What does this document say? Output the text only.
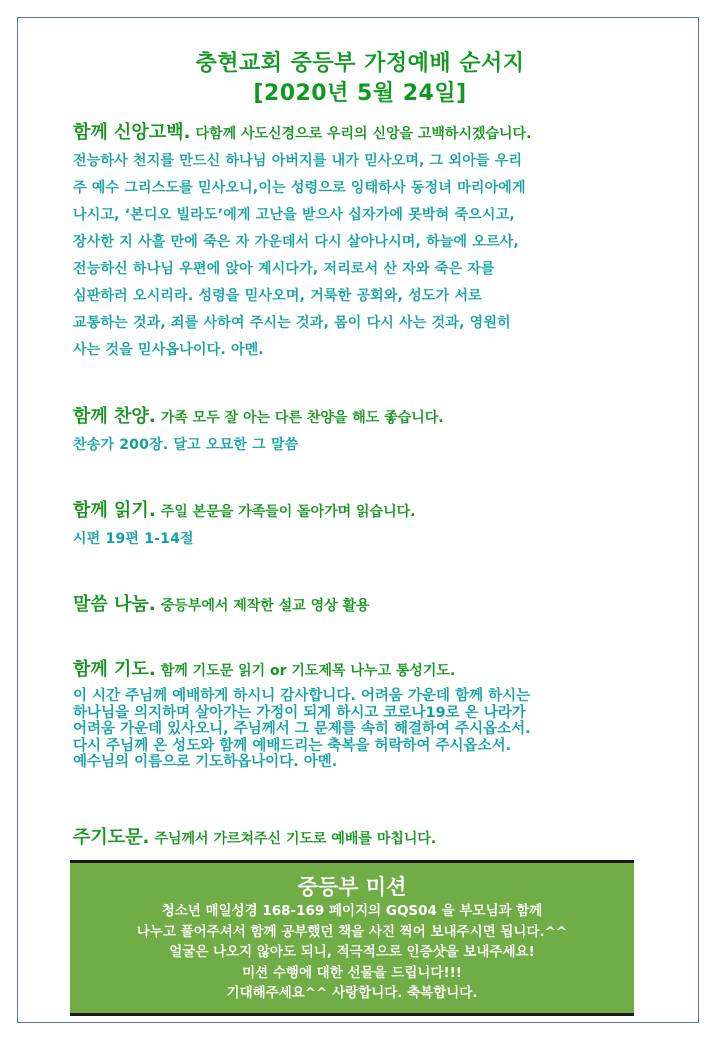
충현교회 중등부 가정예배 순서지
[2020년 5월 24일]
함께 신앙고백. 다함께 사도신경으로 우리의 신앙을 고백하시겠습니다.
전능하사 천지를 만드신 하나님 아버지를 내가 믿사오며, 그 외아들 우리
주 예수 그리스도를 믿사오니,이는 성령으로 잉태하사 동정녀 마리아에게
나시고, ‘본디오 빌라도’에게 고난을 받으사 십자가에 못박혀 죽으시고,
장사한 지 사흘 만에 죽은 자 가운데서 다시 살아나시며, 하늘에 오르사,
전능하신 하나님 우편에 앉아 계시다가, 저리로서 산 자와 죽은 자를
심판하러 오시리라. 성령을 믿사오며, 거룩한 공회와, 성도가 서로
교통하는 것과, 죄를 사하여 주시는 것과, 몸이 다시 사는 것과, 영원히
사는 것을 믿사옵나이다. 아멘.
함께 찬양. 가족 모두 잘 아는 다른 찬양을 해도 좋습니다.
찬송가 200장. 달고 오묘한 그 말씀
함께 읽기. 주일 본문을 가족들이 돌아가며 읽습니다.
시편 19편 1-14절
말씀 나눔. 중등부에서 제작한 설교 영상 활용
함께 기도. 함께 기도문 읽기 or 기도제목 나누고 통성기도.
이 시간 주님께 예배하게 하시니 감사합니다. 어려움 가운데 함께 하시는
하나님을 의지하며 살아가는 가정이 되게 하시고 코로나19로 온 나라가
어려움 가운데 있사오니, 주님께서 그 문제를 속히 해결하여 주시옵소서.
다시 주님께 온 성도와 함께 예배드리는 축복을 허락하여 주시옵소서.
예수님의 이름으로 기도하옵나이다. 아멘.
주기도문. 주님께서 가르쳐주신 기도로 예배를 마칩니다.
중등부 미션
청소년 매일성경 168-169 페이지의 GQS04 을 부모님과 함께
나누고 풀어주셔서 함께 공부했던 책을 사진 찍어 보내주시면 됩니다.^^
얼굴은 나오지 않아도 되니, 적극적으로 인증샷을 보내주세요!
미션 수행에 대한 선물을 드립니다!!!
기대해주세요^^ 사랑합니다. 축복합니다.
